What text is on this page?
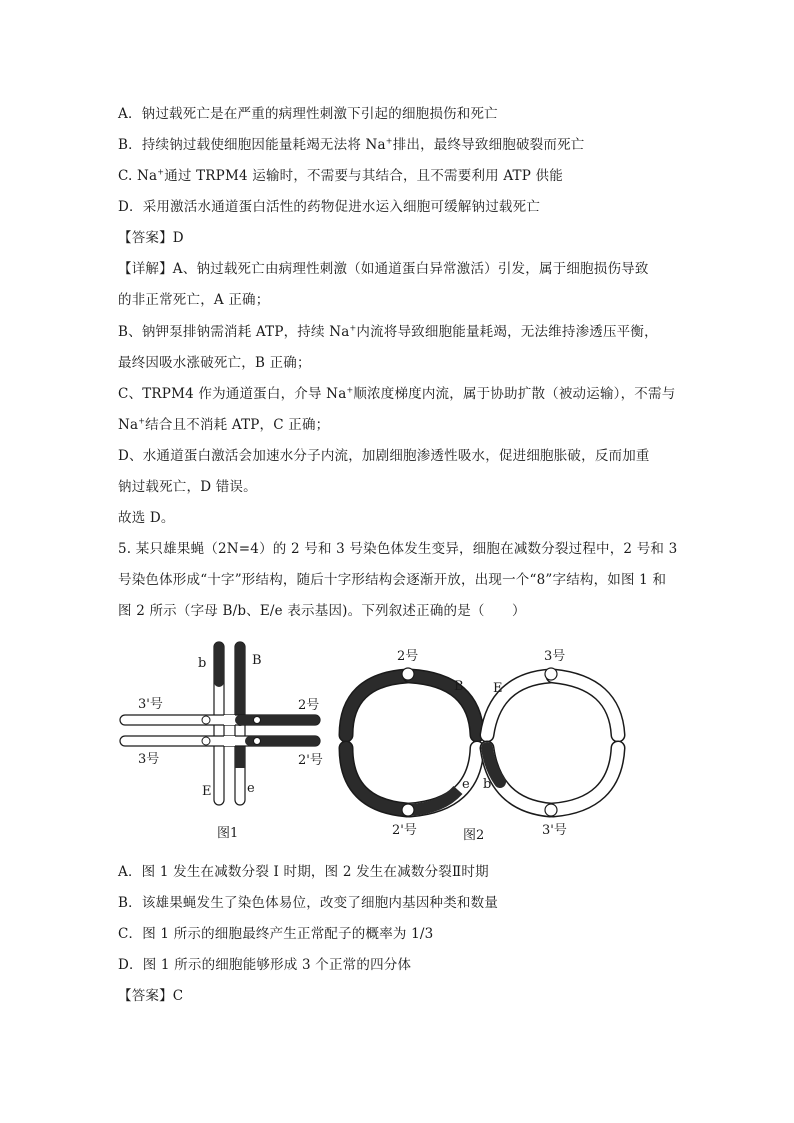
A．钠过载死亡是在严重的病理性刺激下引起的细胞损伤和死亡
B．持续钠过载使细胞因能量耗竭无法将 Na+排出，最终导致细胞破裂而死亡
C. Na+通过 TRPM4 运输时，不需要与其结合，且不需要利用 ATP 供能
D．采用激活水通道蛋白活性的药物促进水运入细胞可缓解钠过载死亡
【答案】D
【详解】A、钠过载死亡由病理性刺激（如通道蛋白异常激活）引发，属于细胞损伤导致
的非正常死亡，A 正确；
B、钠钾泵排钠需消耗 ATP，持续 Na+内流将导致细胞能量耗竭，无法维持渗透压平衡，
最终因吸水涨破死亡，B 正确；
C、TRPM4 作为通道蛋白，介导 Na+顺浓度梯度内流，属于协助扩散（被动运输），不需与
Na+结合且不消耗 ATP，C 正确；
D、水通道蛋白激活会加速水分子内流，加剧细胞渗透性吸水，促进细胞胀破，反而加重
钠过载死亡，D 错误。
故选 D。
5. 某只雄果蝇（2N=4）的 2 号和 3 号染色体发生变异，细胞在减数分裂过程中，2 号和 3
号染色体形成“十字”形结构，随后十字形结构会逐渐开放，出现一个“8”字结构，如图 1 和
图 2 所示（字母 B/b、E/e 表示基因)。下列叙述正确的是（　　）
b	B
3'号	2号
3号	2'号
E	e
图1
2号	3号
B E
e b
2'号	图2	3'号
A．图 1 发生在减数分裂 I 时期，图 2 发生在减数分裂Ⅱ时期
B．该雄果蝇发生了染色体易位，改变了细胞内基因种类和数量
C．图 1 所示的细胞最终产生正常配子的概率为 1/3
D．图 1 所示的细胞能够形成 3 个正常的四分体
【答案】C
